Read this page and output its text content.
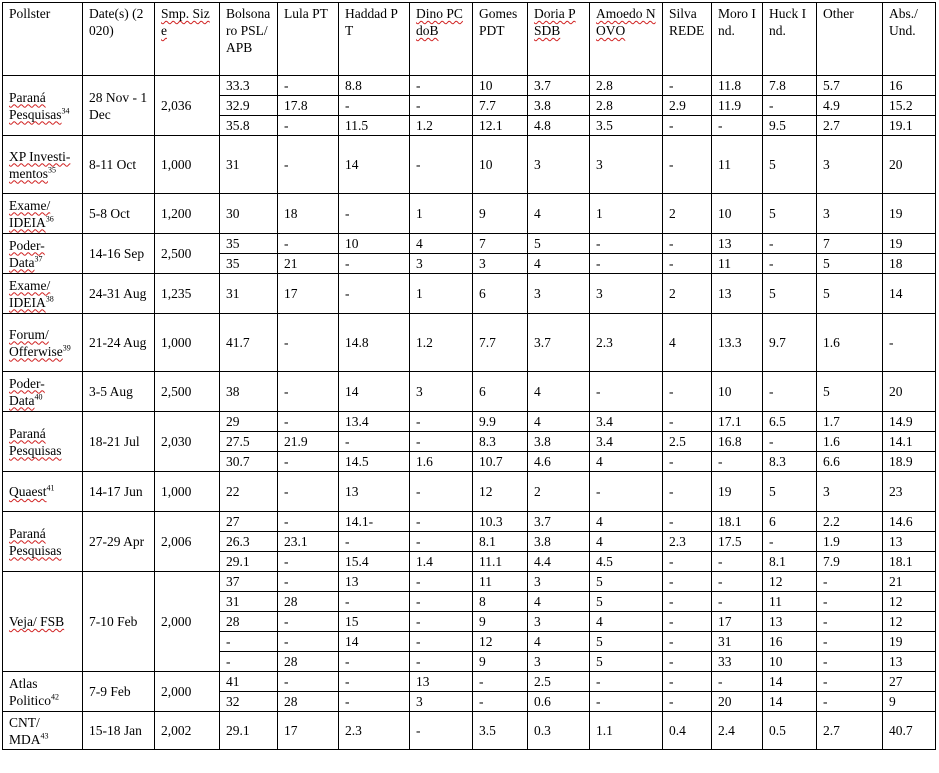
Pollster	Date(s) (2020)	Smp. Size	Bolsonaro PSL/ APB	Lula PT	Haddad PT	Dino PCdoB	Gomes PDT	Doria PSDB	Amoedo NOVO	Silva REDE	Moro Ind.	Huck Ind.	Other	Abs./ Und.
Paraná Pesquisas$^{34}$	28 Nov - 1 Dec	2,036	33.3	-	8.8	-	10	3.7	2.8	-	11.8	7.8	5.7	16
			32.9	17.8	-	-	7.7	3.8	2.8	2.9	11.9	-	4.9	15.2
			35.8	-	11.5	1.2	12.1	4.8	3.5	-	-	9.5	2.7	19.1
XP Investi-mentos$^{35}$	8-11 Oct	1,000	31	-	14	-	10	3	3	-	11	5	3	20
Exame/ IDEIA$^{36}$	5-8 Oct	1,200	30	18	-	1	9	4	1	2	10	5	3	19
Poder-Data$^{37}$	14-16 Sep	2,500	35	-	10	4	7	5	-	-	13	-	7	19
			35	21	-	3	3	4	-	-	11	-	5	18
Exame/ IDEIA$^{38}$	24-31 Aug	1,235	31	17	-	1	6	3	3	2	13	5	5	14
Forum/ Offerwise$^{39}$	21-24 Aug	1,000	41.7	-	14.8	1.2	7.7	3.7	2.3	4	13.3	9.7	1.6	-
Poder-Data$^{40}$	3-5 Aug	2,500	38	-	14	3	6	4	-	-	10	-	5	20
Paraná Pesquisas	18-21 Jul	2,030	29	-	13.4	-	9.9	4	3.4	-	17.1	6.5	1.7	14.9
			27.5	21.9	-	-	8.3	3.8	3.4	2.5	16.8	-	1.6	14.1
			30.7	-	14.5	1.6	10.7	4.6	4	-	-	8.3	6.6	18.9
Quaest$^{41}$	14-17 Jun	1,000	22	-	13	-	12	2	-	-	19	5	3	23
Paraná Pesquisas	27-29 Apr	2,006	27	-	14.1-	-	10.3	3.7	4	-	18.1	6	2.2	14.6
			26.3	23.1	-	-	8.1	3.8	4	2.3	17.5	-	1.9	13
			29.1	-	15.4	1.4	11.1	4.4	4.5	-	-	8.1	7.9	18.1
Veja/ FSB	7-10 Feb	2,000	37	-	13	-	11	3	5	-	-	12	-	21
			31	28	-	-	8	4	5	-	-	11	-	12
			28	-	15	-	9	3	4	-	17	13	-	12
			-	-	14	-	12	4	5	-	31	16	-	19
			-	28	-	-	9	3	5	-	33	10	-	13
Atlas Politico$^{42}$	7-9 Feb	2,000	41	-	-	13	-	2.5	-	-	-	14	-	27
			32	28	-	3	-	0.6	-	-	20	14	-	9
CNT/ MDA$^{43}$	15-18 Jan	2,002	29.1	17	2.3	-	3.5	0.3	1.1	0.4	2.4	0.5	2.7	40.7
